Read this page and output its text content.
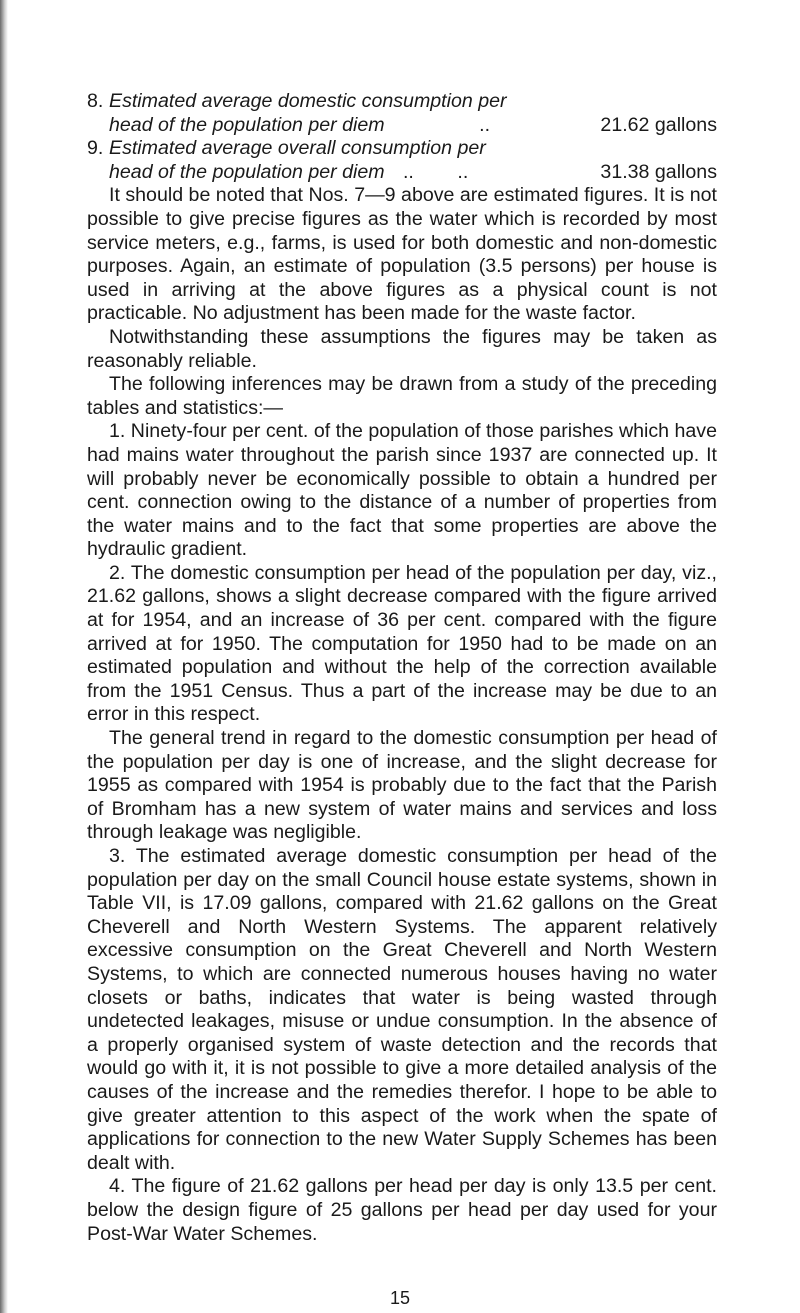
8. Estimated average domestic consumption per
head of the population per diem	..	21.62 gallons
9. Estimated average overall consumption per
head of the population per diem ..        ..	31.38 gallons

It should be noted that Nos. 7—9 above are estimated figures. It is not possible to give precise figures as the water which is recorded by most service meters, e.g., farms, is used for both domestic and non-domestic purposes. Again, an estimate of population (3.5 persons) per house is used in arriving at the above figures as a physical count is not practicable. No adjustment has been made for the waste factor.

Notwithstanding these assumptions the figures may be taken as reasonably reliable.

The following inferences may be drawn from a study of the preceding tables and statistics:—

1. Ninety-four per cent. of the population of those parishes which have had mains water throughout the parish since 1937 are connected up. It will probably never be economically possible to obtain a hundred per cent. connection owing to the distance of a number of properties from the water mains and to the fact that some properties are above the hydraulic gradient.

2. The domestic consumption per head of the population per day, viz., 21.62 gallons, shows a slight decrease compared with the figure arrived at for 1954, and an increase of 36 per cent. compared with the figure arrived at for 1950. The computation for 1950 had to be made on an estimated population and without the help of the correction available from the 1951 Census. Thus a part of the increase may be due to an error in this respect.

The general trend in regard to the domestic consumption per head of the population per day is one of increase, and the slight decrease for 1955 as compared with 1954 is probably due to the fact that the Parish of Bromham has a new system of water mains and services and loss through leakage was negligible.

3. The estimated average domestic consumption per head of the population per day on the small Council house estate systems, shown in Table VII, is 17.09 gallons, compared with 21.62 gallons on the Great Cheverell and North Western Systems. The apparent relatively excessive consumption on the Great Cheverell and North Western Systems, to which are connected numerous houses having no water closets or baths, indicates that water is being wasted through undetected leakages, misuse or undue consumption. In the absence of a properly organised system of waste detection and the records that would go with it, it is not possible to give a more detailed analysis of the causes of the increase and the remedies therefor. I hope to be able to give greater attention to this aspect of the work when the spate of applications for connection to the new Water Supply Schemes has been dealt with.

4. The figure of 21.62 gallons per head per day is only 13.5 per cent. below the design figure of 25 gallons per head per day used for your Post-War Water Schemes.

15
